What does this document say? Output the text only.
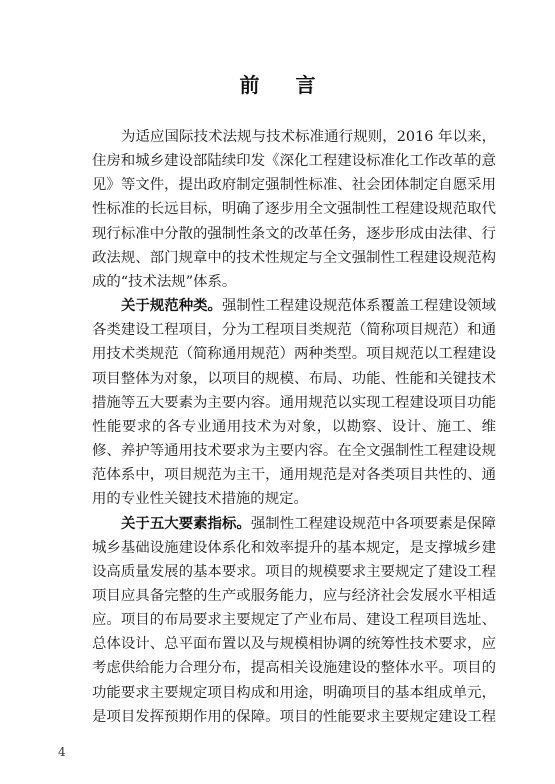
前言
为适应国际技术法规与技术标准通行规则，2016 年以来，
住房和城乡建设部陆续印发《深化工程建设标准化工作改革的意
见》等文件，提出政府制定强制性标准、社会团体制定自愿采用
性标准的长远目标，明确了逐步用全文强制性工程建设规范取代
现行标准中分散的强制性条文的改革任务，逐步形成由法律、行
政法规、部门规章中的技术性规定与全文强制性工程建设规范构
成的“技术法规”体系。
关于规范种类。强制性工程建设规范体系覆盖工程建设领域
各类建设工程项目，分为工程项目类规范（简称项目规范）和通
用技术类规范（简称通用规范）两种类型。项目规范以工程建设
项目整体为对象，以项目的规模、布局、功能、性能和关键技术
措施等五大要素为主要内容。通用规范以实现工程建设项目功能
性能要求的各专业通用技术为对象，以勘察、设计、施工、维
修、养护等通用技术要求为主要内容。在全文强制性工程建设规
范体系中，项目规范为主干，通用规范是对各类项目共性的、通
用的专业性关键技术措施的规定。
关于五大要素指标。强制性工程建设规范中各项要素是保障
城乡基础设施建设体系化和效率提升的基本规定，是支撑城乡建
设高质量发展的基本要求。项目的规模要求主要规定了建设工程
项目应具备完整的生产或服务能力，应与经济社会发展水平相适
应。项目的布局要求主要规定了产业布局、建设工程项目选址、
总体设计、总平面布置以及与规模相协调的统筹性技术要求，应
考虑供给能力合理分布，提高相关设施建设的整体水平。项目的
功能要求主要规定项目构成和用途，明确项目的基本组成单元，
是项目发挥预期作用的保障。项目的性能要求主要规定建设工程
4
